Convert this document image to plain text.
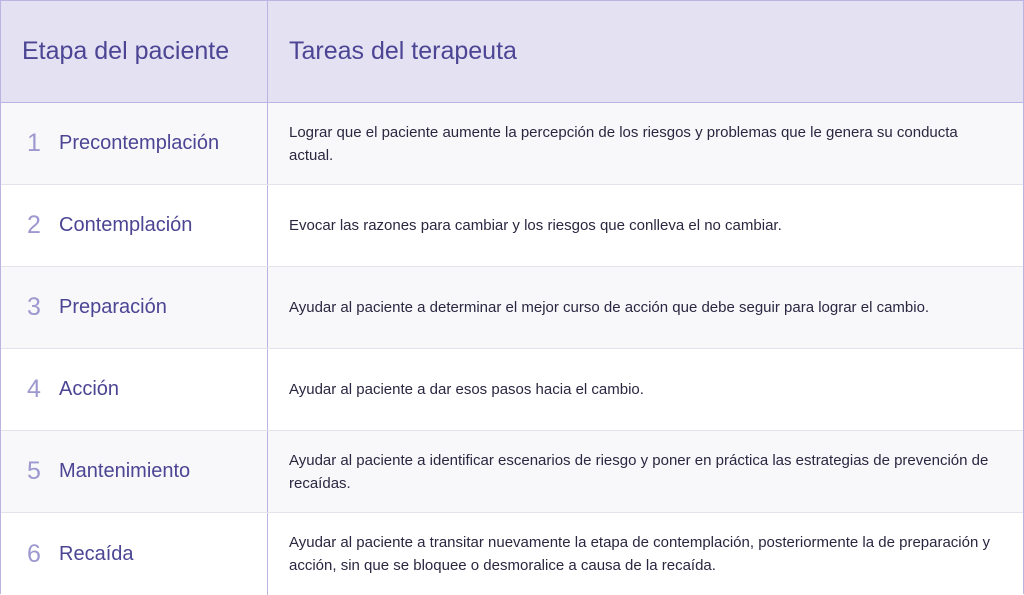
Etapa del paciente	Tareas del terapeuta
1 Precontemplación	Lograr que el paciente aumente la percepción de los riesgos y problemas que le genera su conducta actual.
2 Contemplación	Evocar las razones para cambiar y los riesgos que conlleva el no cambiar.
3 Preparación	Ayudar al paciente a determinar el mejor curso de acción que debe seguir para lograr el cambio.
4 Acción	Ayudar al paciente a dar esos pasos hacia el cambio.
5 Mantenimiento	Ayudar al paciente a identificar escenarios de riesgo y poner en práctica las estrategias de prevención de recaídas.
6 Recaída	Ayudar al paciente a transitar nuevamente la etapa de contemplación, posteriormente la de preparación y acción, sin que se bloquee o desmoralice a causa de la recaída.
